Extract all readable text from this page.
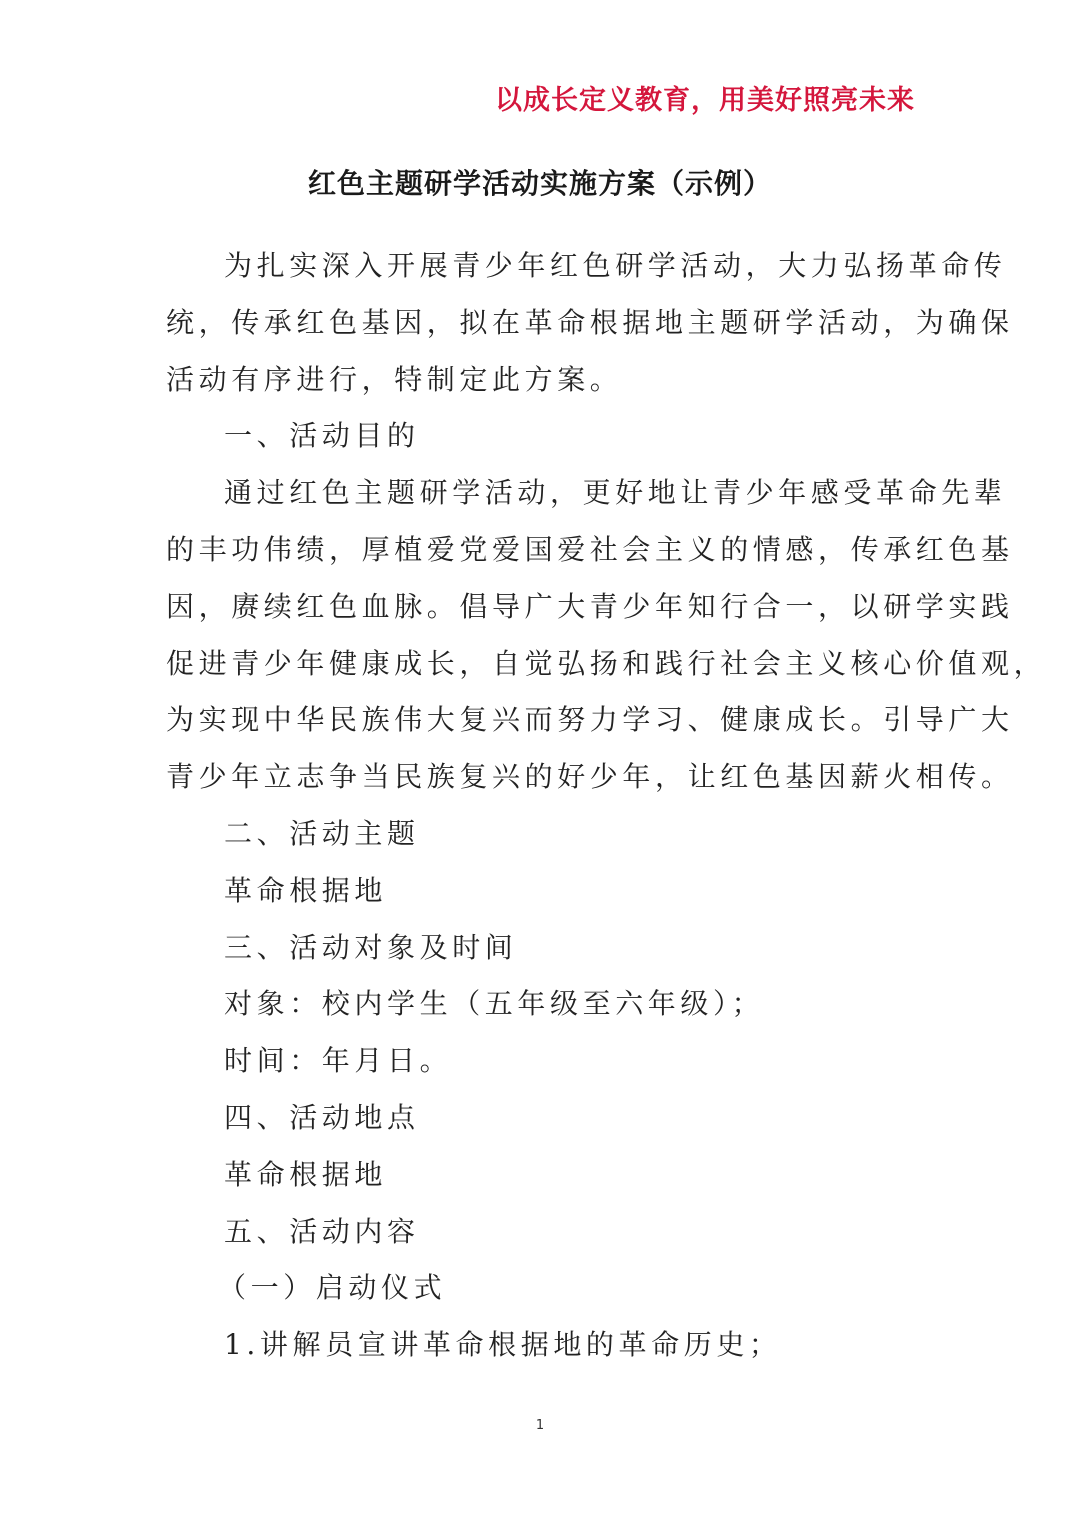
以成长定义教育，用美好照亮未来
红色主题研学活动实施方案（示例）

为扎实深入开展青少年红色研学活动，大力弘扬革命传

统，传承红色基因，拟在革命根据地主题研学活动，为确保

活动有序进行，特制定此方案。

一、活动目的

通过红色主题研学活动，更好地让青少年感受革命先辈

的丰功伟绩，厚植爱党爱国爱社会主义的情感，传承红色基

因，赓续红色血脉。倡导广大青少年知行合一，以研学实践

促进青少年健康成长，自觉弘扬和践行社会主义核心价值观，

为实现中华民族伟大复兴而努力学习、健康成长。引导广大

青少年立志争当民族复兴的好少年，让红色基因薪火相传。

二、活动主题

革命根据地

三、活动对象及时间

对象：校内学生（五年级至六年级）；

时间：年月日。

四、活动地点

革命根据地

五、活动内容

（一）启动仪式

1.讲解员宣讲革命根据地的革命历史；

1
